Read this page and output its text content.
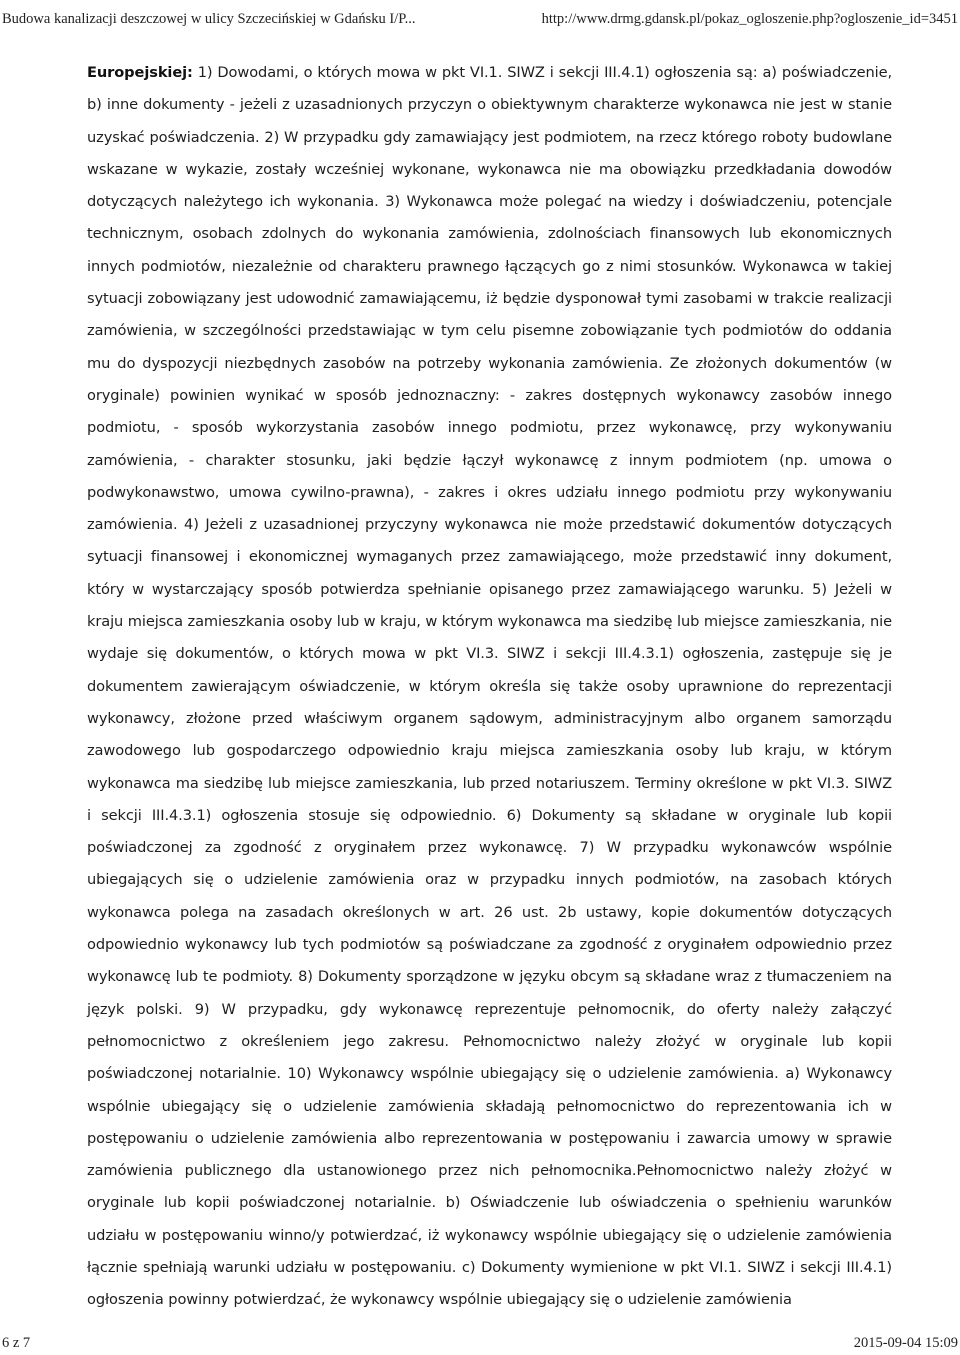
Budowa kanalizacji deszczowej w ulicy Szczecińskiej w Gdańsku I/P...	http://www.drmg.gdansk.pl/pokaz_ogloszenie.php?ogloszenie_id=3451
Europejskiej: 1) Dowodami, o których mowa w pkt VI.1. SIWZ i sekcji III.4.1) ogłoszenia są: a) poświadczenie, b) inne dokumenty - jeżeli z uzasadnionych przyczyn o obiektywnym charakterze wykonawca nie jest w stanie uzyskać poświadczenia. 2) W przypadku gdy zamawiający jest podmiotem, na rzecz którego roboty budowlane wskazane w wykazie, zostały wcześniej wykonane, wykonawca nie ma obowiązku przedkładania dowodów dotyczących należytego ich wykonania. 3) Wykonawca może polegać na wiedzy i doświadczeniu, potencjale technicznym, osobach zdolnych do wykonania zamówienia, zdolnościach finansowych lub ekonomicznych innych podmiotów, niezależnie od charakteru prawnego łączących go z nimi stosunków. Wykonawca w takiej sytuacji zobowiązany jest udowodnić zamawiającemu, iż będzie dysponował tymi zasobami w trakcie realizacji zamówienia, w szczególności przedstawiając w tym celu pisemne zobowiązanie tych podmiotów do oddania mu do dyspozycji niezbędnych zasobów na potrzeby wykonania zamówienia. Ze złożonych dokumentów (w oryginale) powinien wynikać w sposób jednoznaczny: - zakres dostępnych wykonawcy zasobów innego podmiotu, - sposób wykorzystania zasobów innego podmiotu, przez wykonawcę, przy wykonywaniu zamówienia, - charakter stosunku, jaki będzie łączył wykonawcę z innym podmiotem (np. umowa o podwykonawstwo, umowa cywilno-prawna), - zakres i okres udziału innego podmiotu przy wykonywaniu zamówienia. 4) Jeżeli z uzasadnionej przyczyny wykonawca nie może przedstawić dokumentów dotyczących sytuacji finansowej i ekonomicznej wymaganych przez zamawiającego, może przedstawić inny dokument, który w wystarczający sposób potwierdza spełnianie opisanego przez zamawiającego warunku. 5) Jeżeli w kraju miejsca zamieszkania osoby lub w kraju, w którym wykonawca ma siedzibę lub miejsce zamieszkania, nie wydaje się dokumentów, o których mowa w pkt VI.3. SIWZ i sekcji III.4.3.1) ogłoszenia, zastępuje się je dokumentem zawierającym oświadczenie, w którym określa się także osoby uprawnione do reprezentacji wykonawcy, złożone przed właściwym organem sądowym, administracyjnym albo organem samorządu zawodowego lub gospodarczego odpowiednio kraju miejsca zamieszkania osoby lub kraju, w którym wykonawca ma siedzibę lub miejsce zamieszkania, lub przed notariuszem. Terminy określone w pkt VI.3. SIWZ i sekcji III.4.3.1) ogłoszenia stosuje się odpowiednio. 6) Dokumenty są składane w oryginale lub kopii poświadczonej za zgodność z oryginałem przez wykonawcę. 7) W przypadku wykonawców wspólnie ubiegających się o udzielenie zamówienia oraz w przypadku innych podmiotów, na zasobach których wykonawca polega na zasadach określonych w art. 26 ust. 2b ustawy, kopie dokumentów dotyczących odpowiednio wykonawcy lub tych podmiotów są poświadczane za zgodność z oryginałem odpowiednio przez wykonawcę lub te podmioty. 8) Dokumenty sporządzone w języku obcym są składane wraz z tłumaczeniem na język polski. 9) W przypadku, gdy wykonawcę reprezentuje pełnomocnik, do oferty należy załączyć pełnomocnictwo z określeniem jego zakresu. Pełnomocnictwo należy złożyć w oryginale lub kopii poświadczonej notarialnie. 10) Wykonawcy wspólnie ubiegający się o udzielenie zamówienia. a) Wykonawcy wspólnie ubiegający się o udzielenie zamówienia składają pełnomocnictwo do reprezentowania ich w postępowaniu o udzielenie zamówienia albo reprezentowania w postępowaniu i zawarcia umowy w sprawie zamówienia publicznego dla ustanowionego przez nich pełnomocnika.Pełnomocnictwo należy złożyć w oryginale lub kopii poświadczonej notarialnie. b) Oświadczenie lub oświadczenia o spełnieniu warunków udziału w postępowaniu winno/y potwierdzać, iż wykonawcy wspólnie ubiegający się o udzielenie zamówienia łącznie spełniają warunki udziału w postępowaniu. c) Dokumenty wymienione w pkt VI.1. SIWZ i sekcji III.4.1) ogłoszenia powinny potwierdzać, że wykonawcy wspólnie ubiegający się o udzielenie zamówienia
6 z 7	2015-09-04 15:09
